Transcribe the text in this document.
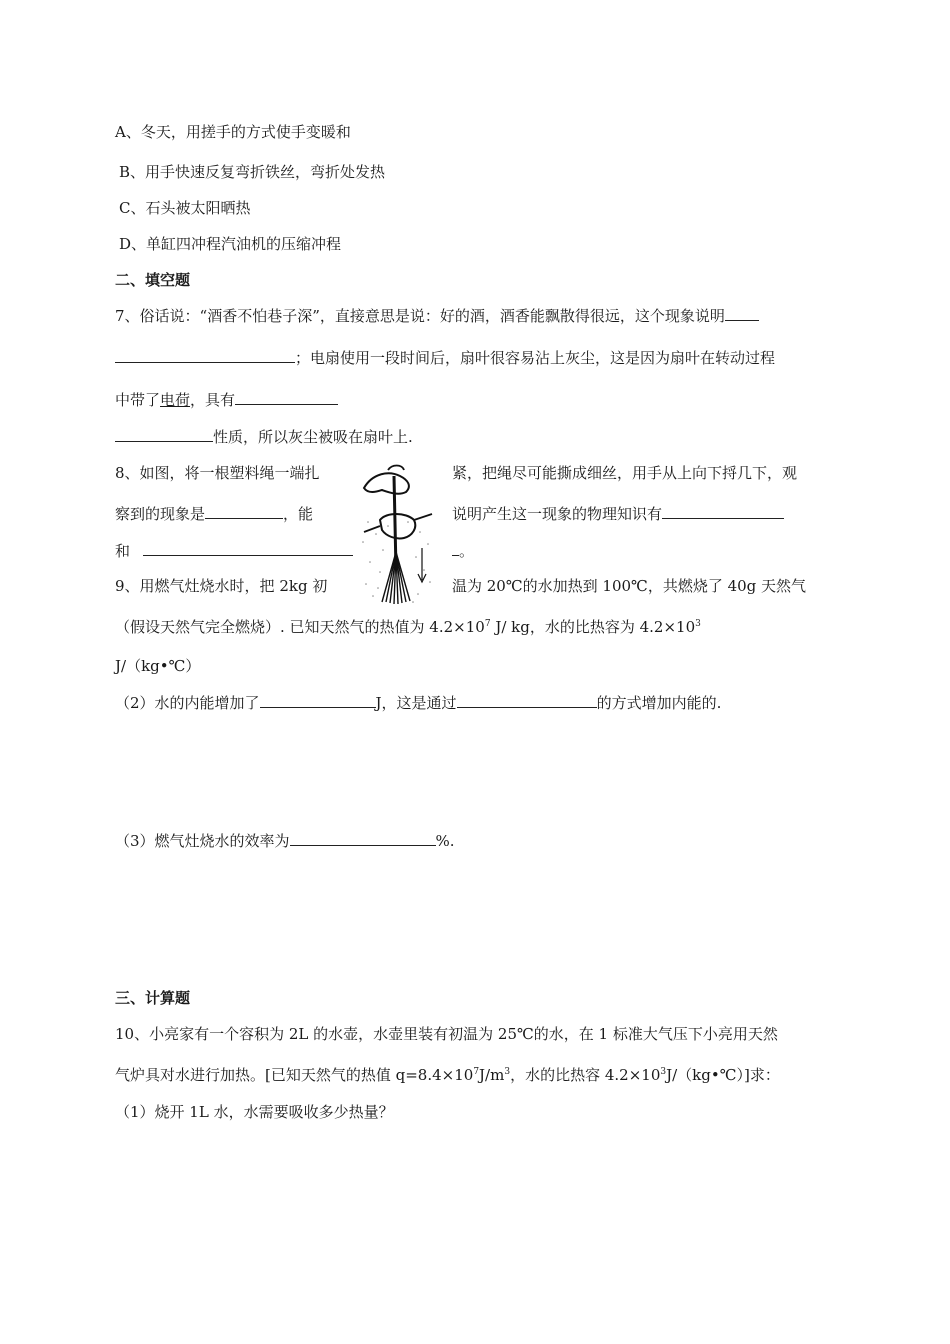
A、冬天，用搓手的方式使手变暖和
B、用手快速反复弯折铁丝，弯折处发热
C、石头被太阳晒热
D、单缸四冲程汽油机的压缩冲程
二、填空题
7、俗话说：“酒香不怕巷子深”，直接意思是说：好的酒，酒香能飘散得很远，这个现象说明
；电扇使用一段时间后，扇叶很容易沾上灰尘，这是因为扇叶在转动过程
中带了电荷，具有
性质，所以灰尘被吸在扇叶上.
8、如图，将一根塑料绳一端扎	紧，把绳尽可能撕成细丝，用手从上向下捋几下，观
察到的现象是	，能	说明产生这一现象的物理知识有
和	。
9、用燃气灶烧水时，把 2kg 初	温为 20℃的水加热到 100℃，共燃烧了 40g 天然气
（假设天然气完全燃烧）. 已知天然气的热值为 $4.2\times 10^7$ J/ kg，水的比热容为 $4.2\times 10^3$
J/（kg•℃）
（2）水的内能增加了	J，这是通过	的方式增加内能的.
（3）燃气灶烧水的效率为	%.
三、计算题
10、小亮家有一个容积为 2L 的水壶，水壶里装有初温为 25℃的水，在 1 标准大气压下小亮用天然
气炉具对水进行加热。[已知天然气的热值 $q=8.4\times 10^7J/m^3$，水的比热容 $4.2\times 10^3J/(kg•℃)$]求：
（1）烧开 1L 水，水需要吸收多少热量？
